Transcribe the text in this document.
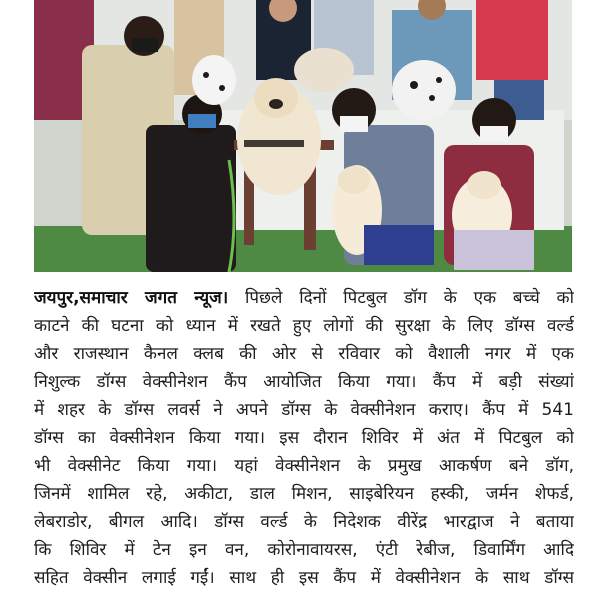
जयपुर,समाचार जगत न्यूज। पिछले दिनों पिटबुल डॉग के एक बच्चे को
काटने की घटना को ध्यान में रखते हुए लोगों की सुरक्षा के लिए डॉग्स वर्ल्ड
और राजस्थान कैनल क्लब की ओर से रविवार को वैशाली नगर में एक
निशुल्क डॉग्स वेक्सीनेशन कैंप आयोजित किया गया। कैंप में बड़ी संख्यां
में शहर के डॉग्स लवर्स ने अपने डॉग्स के वेक्सीनेशन कराए। कैंप में 541
डॉग्स का वेक्सीनेशन किया गया। इस दौरान शिविर में अंत में पिटबुल को
भी वेक्सीनेट किया गया। यहां वेक्सीनेशन के प्रमुख आकर्षण बने डॉग,
जिनमें शामिल रहे, अकीटा, डाल मिशन, साइबेरियन हस्की, जर्मन शेफर्ड,
लेबराडोर, बीगल आदि। डॉग्स वर्ल्ड के निदेशक वीरेंद्र भारद्वाज ने बताया
कि शिविर में टेन इन वन, कोरोनावायरस, एंटी रेबीज, डिवार्मिंग आदि
सहित वेक्सीन लगाई गईं। साथ ही इस कैंप में वेक्सीनेशन के साथ डॉग्स
